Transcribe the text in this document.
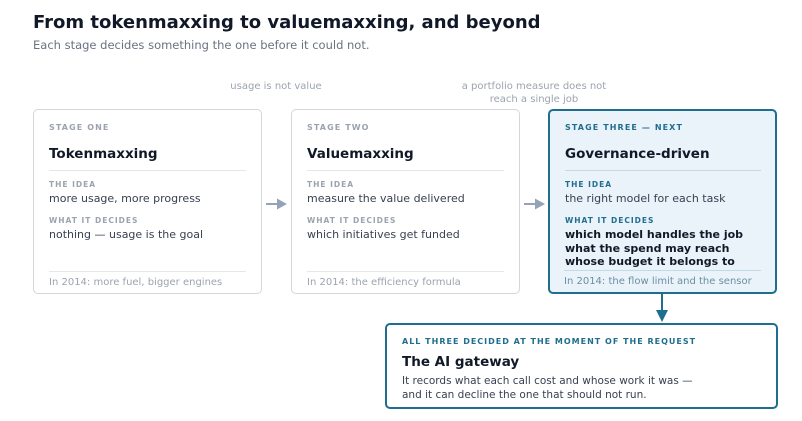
From tokenmaxxing to valuemaxxing, and beyond
Each stage decides something the one before it could not.
usage is not value	a portfolio measure does not
reach a single job
STAGE ONE
Tokenmaxxing
THE IDEA
more usage, more progress
WHAT IT DECIDES
nothing — usage is the goal
In 2014: more fuel, bigger engines
STAGE TWO
Valuemaxxing
THE IDEA
measure the value delivered
WHAT IT DECIDES
which initiatives get funded
In 2014: the efficiency formula
STAGE THREE — NEXT
Governance-driven
THE IDEA
the right model for each task
WHAT IT DECIDES
which model handles the job
what the spend may reach
whose budget it belongs to
In 2014: the flow limit and the sensor
ALL THREE DECIDED AT THE MOMENT OF THE REQUEST
The AI gateway
It records what each call cost and whose work it was —
and it can decline the one that should not run.
